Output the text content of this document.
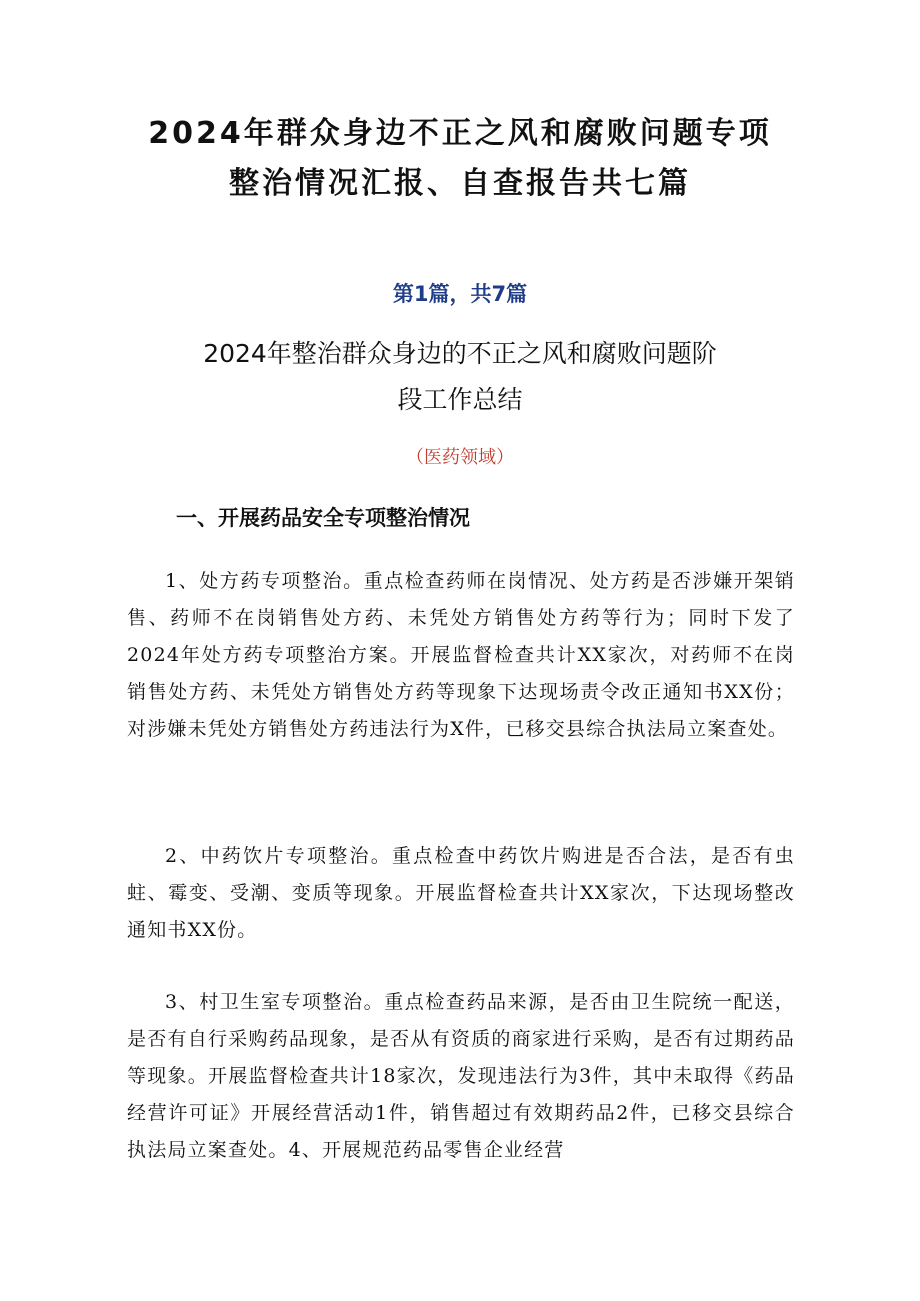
2024年群众身边不正之风和腐败问题专项
整治情况汇报、自查报告共七篇
第1篇，共7篇
2024年整治群众身边的不正之风和腐败问题阶
段工作总结
（医药领域）
一、开展药品安全专项整治情况

1、处方药专项整治。重点检查药师在岗情况、处方药是否涉嫌开架销售、药师不在岗销售处方药、未凭处方销售处方药等行为；同时下发了2024年处方药专项整治方案。开展监督检查共计XX家次，对药师不在岗销售处方药、未凭处方销售处方药等现象下达现场责令改正通知书XX份；对涉嫌未凭处方销售处方药违法行为X件，已移交县综合执法局立案查处。

2、中药饮片专项整治。重点检查中药饮片购进是否合法，是否有虫蛀、霉变、受潮、变质等现象。开展监督检查共计XX家次，下达现场整改通知书XX份。

3、村卫生室专项整治。重点检查药品来源，是否由卫生院统一配送，是否有自行采购药品现象，是否从有资质的商家进行采购，是否有过期药品等现象。开展监督检查共计18家次，发现违法行为3件，其中未取得《药品经营许可证》开展经营活动1件，销售超过有效期药品2件，已移交县综合执法局立案查处。4、开展规范药品零售企业经营
